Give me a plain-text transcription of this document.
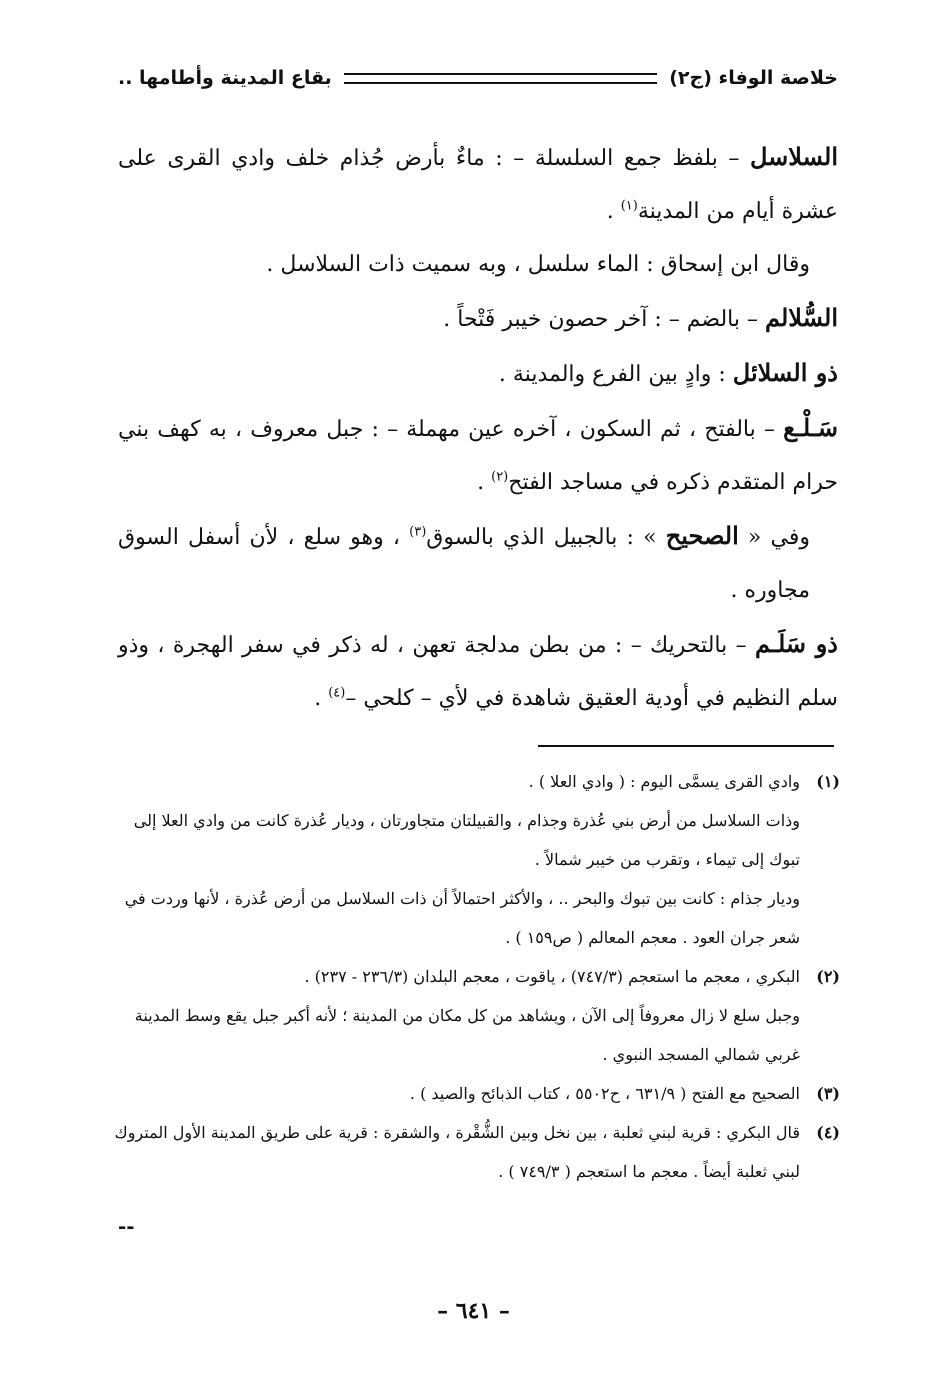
خلاصة الوفاء (ج٢)
بقاع المدينة وأطامها ..

السلاسل – بلفظ جمع السلسلة – : ماءٌ بأرض جُذام خلف وادي القرى على عشرة أيام من المدينة$^{(١)}$ .

وقال ابن إسحاق : الماء سلسل ، وبه سميت ذات السلاسل .

السُّلالم – بالضم – : آخر حصون خيبر فَتْحاً .

ذو السلائل : وادٍ بين الفرع والمدينة .

سَـلْـع – بالفتح ، ثم السكون ، آخره عين مهملة – : جبل معروف ، به كهف بني حرام المتقدم ذكره في مساجد الفتح$^{(٢)}$ .

وفي « الصحيح » : بالجبيل الذي بالسوق$^{(٣)}$ ، وهو سلع ، لأن أسفل السوق مجاوره .

ذو سَلَـم – بالتحريك – : من بطن مدلجة تعهن ، له ذكر في سفر الهجرة ، وذو سلم النظيم في أودية العقيق شاهدة في لأي – كلحي –$^{(٤)}$ .

(١)

وادي القرى يسمَّى اليوم : ( وادي العلا ) .

وذات السلاسل من أرض بني عُذرة وجذام ، والقبيلتان متجاورتان ، وديار عُذرة كانت من وادي العلا إلى تبوك إلى تيماء ، وتقرب من خيبر شمالاً .

وديار جذام : كانت بين تبوك والبحر .. ، والأكثر احتمالاً أن ذات السلاسل من أرض عُذرة ، لأنها وردت في شعر جران العود . معجم المعالم ( ص١٥٩ ) .

(٢)

البكري ، معجم ما استعجم (٧٤٧/٣) ، ياقوت ، معجم البلدان (٢٣٦/٣ - ٢٣٧) .

وجبل سلع لا زال معروفاً إلى الآن ، ويشاهد من كل مكان من المدينة ؛ لأنه أكبر جبل يقع وسط المدينة غربي شمالي المسجد النبوي .

(٣)

الصحيح مع الفتح ( ٦٣١/٩ ، ح٥٥٠٢ ، كتاب الذبائح والصيد ) .

(٤)

قال البكري : قرية لبني ثعلبة ، بين نخل وبين الشُّقْرة ، والشقرة : قرية على طريق المدينة الأول المتروك لبني ثعلبة أيضاً . معجم ما استعجم ( ٧٤٩/٣ ) .

--
– ٦٤١ –
